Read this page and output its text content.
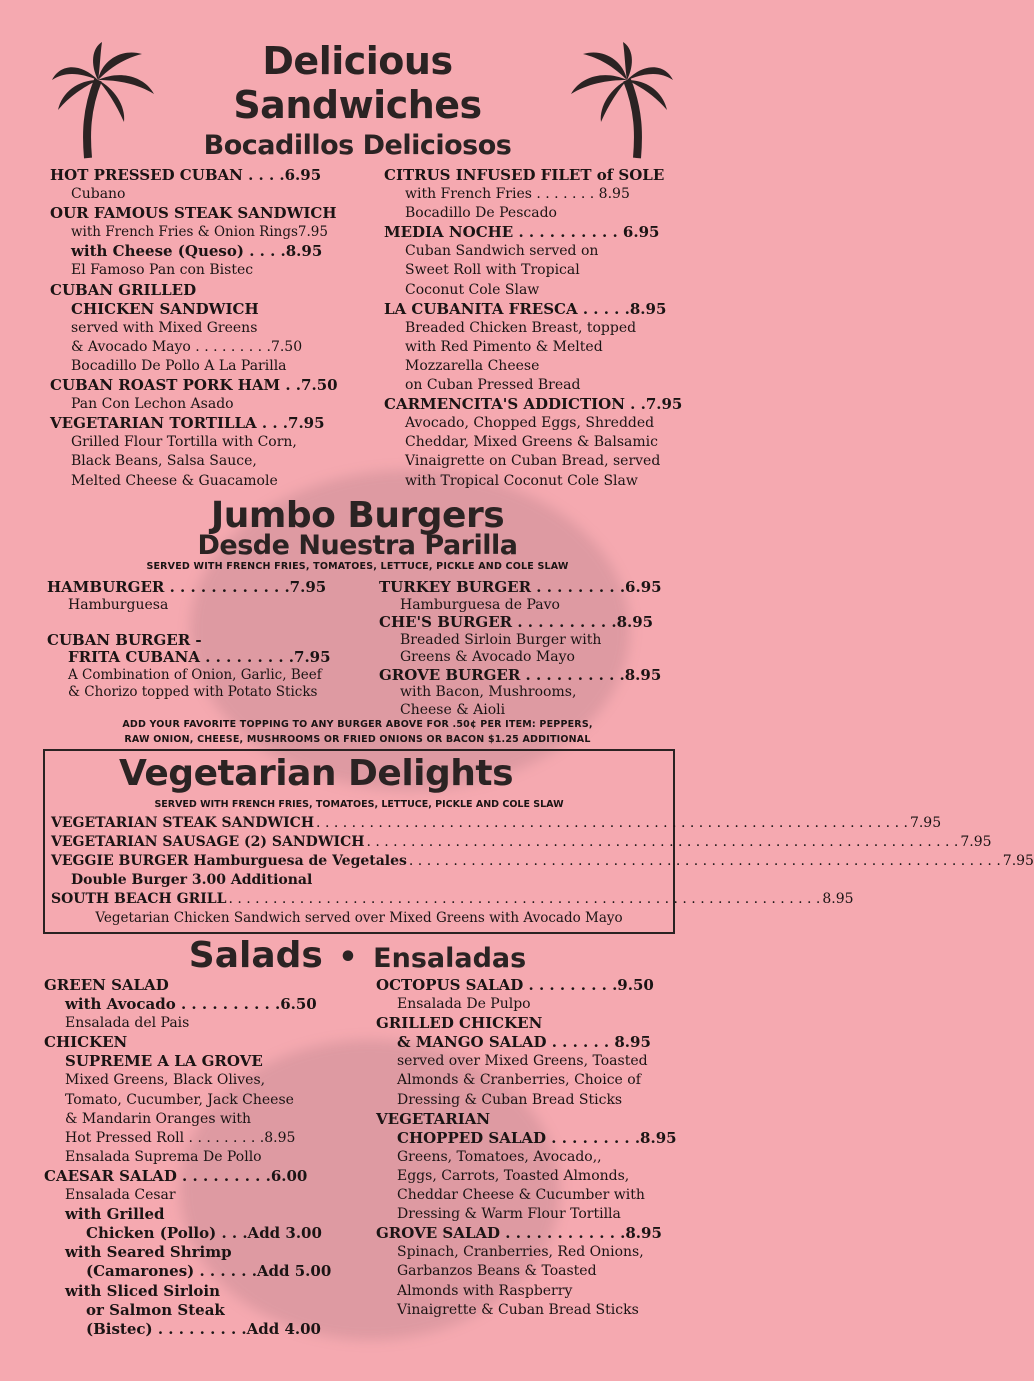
Delicious
Sandwiches
Bocadillos Deliciosos
HOT PRESSED CUBAN . . . .6.95
Cubano
OUR FAMOUS STEAK SANDWICH
with French Fries & Onion Rings7.95
with Cheese (Queso) . . . .8.95
El Famoso Pan con Bistec
CUBAN GRILLED
CHICKEN SANDWICH
served with Mixed Greens
& Avocado Mayo . . . . . . . . .7.50
Bocadillo De Pollo A La Parilla
CUBAN ROAST PORK HAM . .7.50
Pan Con Lechon Asado
VEGETARIAN TORTILLA . . .7.95
Grilled Flour Tortilla with Corn,
Black Beans, Salsa Sauce,
Melted Cheese & Guacamole
CITRUS INFUSED FILET of SOLE
with French Fries . . . . . . . 8.95
Bocadillo De Pescado
MEDIA NOCHE . . . . . . . . . . 6.95
Cuban Sandwich served on
Sweet Roll with Tropical
Coconut Cole Slaw
LA CUBANITA FRESCA . . . . .8.95
Breaded Chicken Breast, topped
with Red Pimento & Melted
Mozzarella Cheese
on Cuban Pressed Bread
CARMENCITA'S ADDICTION . .7.95
Avocado, Chopped Eggs, Shredded
Cheddar, Mixed Greens & Balsamic
Vinaigrette on Cuban Bread, served
with Tropical Coconut Cole Slaw
Jumbo Burgers
Desde Nuestra Parilla
SERVED WITH FRENCH FRIES, TOMATOES, LETTUCE, PICKLE AND COLE SLAW
HAMBURGER . . . . . . . . . . . .7.95
Hamburguesa
CUBAN BURGER -
FRITA CUBANA . . . . . . . . .7.95
A Combination of Onion, Garlic, Beef
& Chorizo topped with Potato Sticks
TURKEY BURGER . . . . . . . . .6.95
Hamburguesa de Pavo
CHE'S BURGER . . . . . . . . . .8.95
Breaded Sirloin Burger with
Greens & Avocado Mayo
GROVE BURGER . . . . . . . . . .8.95
with Bacon, Mushrooms,
Cheese & Aioli
ADD YOUR FAVORITE TOPPING TO ANY BURGER ABOVE FOR .50¢ PER ITEM: PEPPERS,
RAW ONION, CHEESE, MUSHROOMS OR FRIED ONIONS OR BACON $1.25 ADDITIONAL
Vegetarian Delights
SERVED WITH FRENCH FRIES, TOMATOES, LETTUCE, PICKLE AND COLE SLAW
VEGETARIAN STEAK SANDWICH . . . . . . . . . . . . . . . . . . . . . . . . . . . . . . . . . . . . . . . . . . . . . . . . . . . . . . . . . . . . . . . . . . . 7.95
VEGETARIAN SAUSAGE (2) SANDWICH . . . . . . . . . . . . . . . . . . . . . . . . . . . . . . . . . . . . . . . . . . . . . . . . . . . . . . . . . . . . . . . . . . . 7.95
VEGGIE BURGER Hamburguesa de Vegetales . . . . . . . . . . . . . . . . . . . . . . . . . . . . . . . . . . . . . . . . . . . . . . . . . . . . . . . . . . . . . . . . . . . 7.95
Double Burger 3.00 Additional
SOUTH BEACH GRILL . . . . . . . . . . . . . . . . . . . . . . . . . . . . . . . . . . . . . . . . . . . . . . . . . . . . . . . . . . . . . . . . . . . 8.95
Vegetarian Chicken Sandwich served over Mixed Greens with Avocado Mayo
Salads • Ensaladas
GREEN SALAD
with Avocado . . . . . . . . . .6.50
Ensalada del Pais
CHICKEN
SUPREME A LA GROVE
Mixed Greens, Black Olives,
Tomato, Cucumber, Jack Cheese
& Mandarin Oranges with
Hot Pressed Roll . . . . . . . . .8.95
Ensalada Suprema De Pollo
CAESAR SALAD . . . . . . . . .6.00
Ensalada Cesar
with Grilled
Chicken (Pollo) . . .Add 3.00
with Seared Shrimp
(Camarones) . . . . . .Add 5.00
with Sliced Sirloin
or Salmon Steak
(Bistec) . . . . . . . . .Add 4.00
OCTOPUS SALAD . . . . . . . . .9.50
Ensalada De Pulpo
GRILLED CHICKEN
& MANGO SALAD . . . . . . 8.95
served over Mixed Greens, Toasted
Almonds & Cranberries, Choice of
Dressing & Cuban Bread Sticks
VEGETARIAN
CHOPPED SALAD . . . . . . . . .8.95
Greens, Tomatoes, Avocado,,
Eggs, Carrots, Toasted Almonds,
Cheddar Cheese & Cucumber with
Dressing & Warm Flour Tortilla
GROVE SALAD . . . . . . . . . . . .8.95
Spinach, Cranberries, Red Onions,
Garbanzos Beans & Toasted
Almonds with Raspberry
Vinaigrette & Cuban Bread Sticks
